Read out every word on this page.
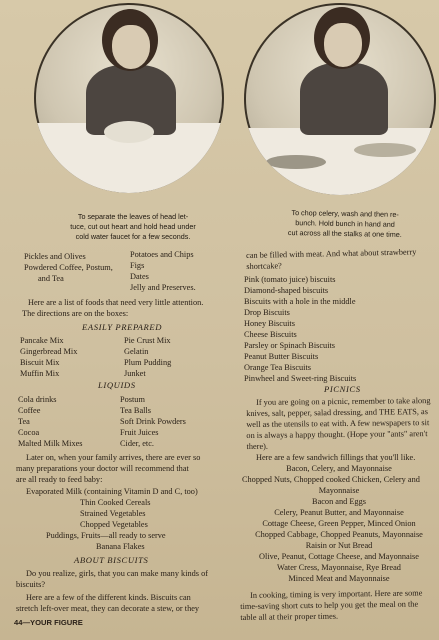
To separate the leaves of head let-
tuce, cut out heart and hold head under
cold water faucet for a few seconds.
To chop celery, wash and then re-
bunch. Hold bunch in hand and
cut across all the stalks at one time.
Pickles and Olives
Powdered Coffee, Postum,
and Tea
Potatoes and Chips
Figs
Dates
Jelly and Preserves.
Here are a list of foods that need very little attention.
The directions are on the boxes:
EASILY PREPARED
Pancake Mix
Gingerbread Mix
Biscuit Mix
Muffin Mix
Pie Crust Mix
Gelatin
Plum Pudding
Junket
LIQUIDS
Cola drinks
Coffee
Tea
Cocoa
Malted Milk Mixes
Postum
Tea Balls
Soft Drink Powders
Fruit Juices
Cider, etc.
Later on, when your family arrives, there are ever so
many preparations your doctor will recommend that
are all ready to feed baby:
Evaporated Milk (containing Vitamin D and C, too)
Thin Cooked Cereals
Strained Vegetables
Chopped Vegetables
Puddings, Fruits—all ready to serve
Banana Flakes
ABOUT BISCUITS
Do you realize, girls, that you can make many kinds of
biscuits?
Here are a few of the different kinds. Biscuits can
stretch left-over meat, they can decorate a stew, or they
44—YOUR FIGURE
can be filled with meat. And what about strawberry
shortcake?
Pink (tomato juice) biscuits
Diamond-shaped biscuits
Biscuits with a hole in the middle
Drop Biscuits
Honey Biscuits
Cheese Biscuits
Parsley or Spinach Biscuits
Peanut Butter Biscuits
Orange Tea Biscuits
Pinwheel and Sweet-ring Biscuits
PICNICS
If you are going on a picnic, remember to take along
knives, salt, pepper, salad dressing, and THE EATS, as
well as the utensils to eat with. A few newspapers to sit
on is always a happy thought. (Hope your "ants" aren't
there).
Here are a few sandwich fillings that you'll like.
Bacon, Celery, and Mayonnaise
Chopped Nuts, Chopped cooked Chicken, Celery and
Mayonnaise
Bacon and Eggs
Celery, Peanut Butter, and Mayonnaise
Cottage Cheese, Green Pepper, Minced Onion
Chopped Cabbage, Chopped Peanuts, Mayonnaise
Raisin or Nut Bread
Olive, Peanut, Cottage Cheese, and Mayonnaise
Water Cress, Mayonnaise, Rye Bread
Minced Meat and Mayonnaise
In cooking, timing is very important. Here are some
time-saving short cuts to help you get the meal on the
table all at their proper times.
